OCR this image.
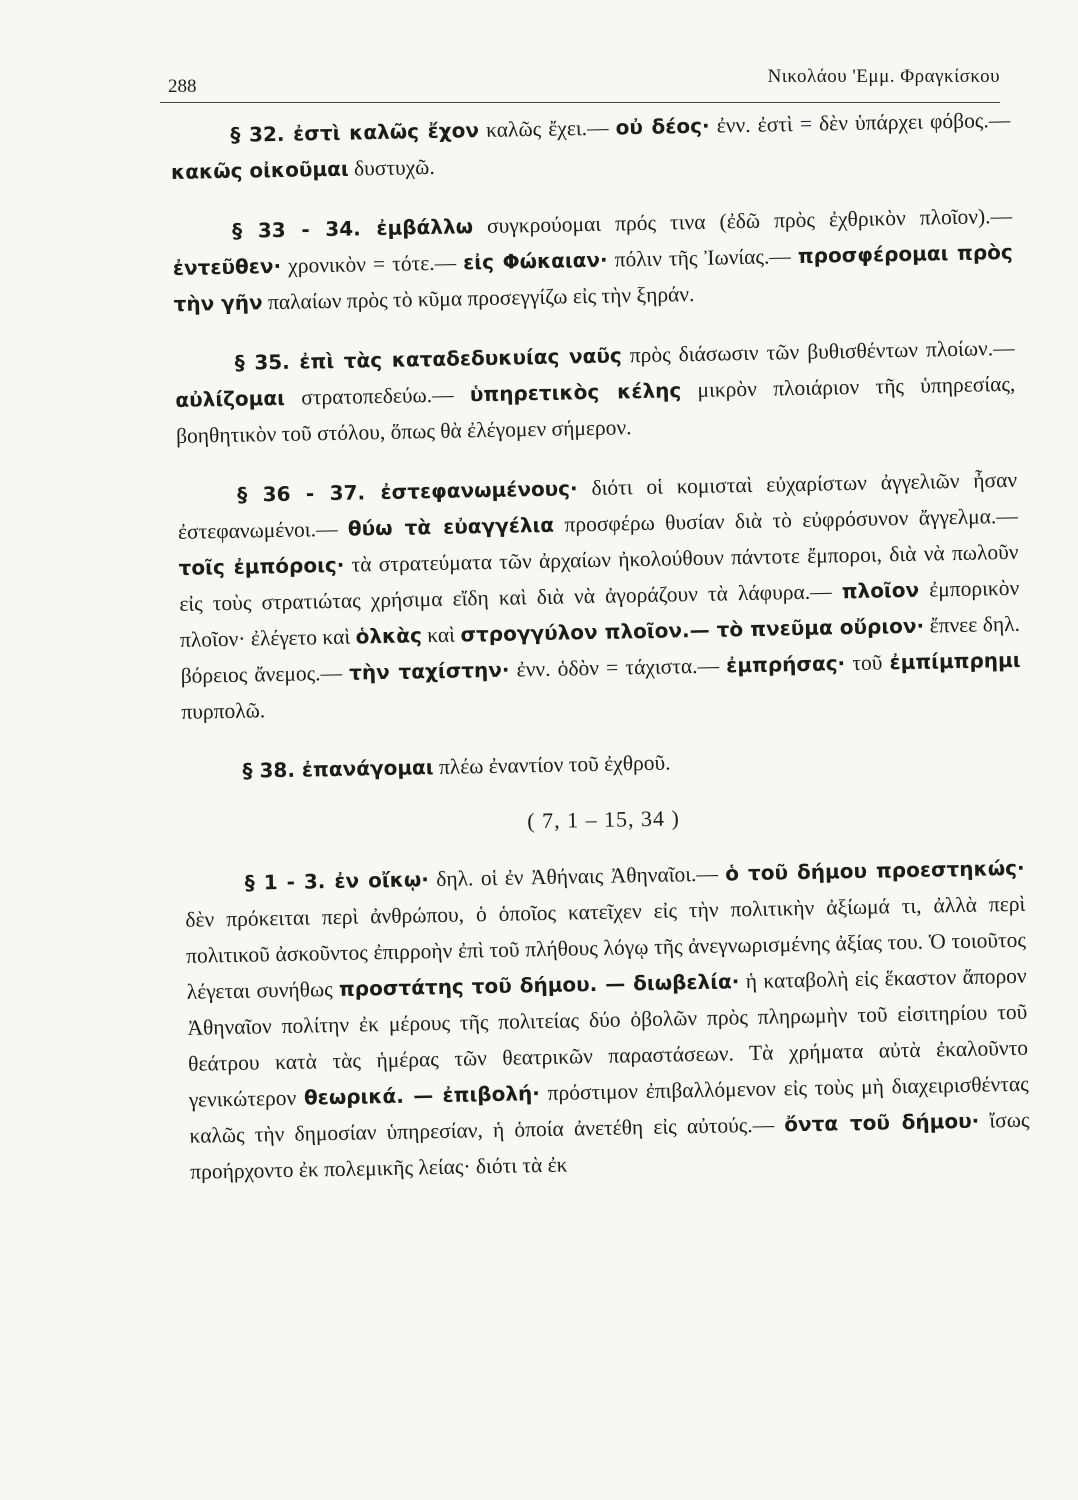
288	Νικολάου 'Εμμ. Φραγκίσκου

§ 32. ἐστὶ καλῶς ἔχον καλῶς ἔχει.— οὐ δέος· ἐνν. ἐστὶ = δὲν ὑπάρχει φόβος.— κακῶς οἰκοῦμαι δυστυχῶ.

§ 33 - 34. ἐμβάλλω συγκρούομαι πρός τινα (ἐδῶ πρὸς ἐχθρικὸν πλοῖον).— ἐντεῦθεν· χρονικὸν = τότε.— εἰς Φώκαιαν· πόλιν τῆς Ἰωνίας.— προσφέρομαι πρὸς τὴν γῆν παλαίων πρὸς τὸ κῦμα προσεγγίζω εἰς τὴν ξηράν.

§ 35. ἐπὶ τὰς καταδεδυκυίας ναῦς πρὸς διάσωσιν τῶν βυθισθέντων πλοίων.— αὐλίζομαι στρατοπεδεύω.— ὑπηρετικὸς κέλης μικρὸν πλοιάριον τῆς ὑπηρεσίας, βοηθητικὸν τοῦ στόλου, ὅπως θὰ ἐλέγομεν σήμερον.

§ 36 - 37. ἐστεφανωμένους· διότι οἱ κομισταὶ εὐχαρίστων ἀγγελιῶν ἦσαν ἐστεφανωμένοι.— θύω τὰ εὐαγγέλια προσφέρω θυσίαν διὰ τὸ εὐφρόσυνον ἄγγελμα.— τοῖς ἐμπόροις· τὰ στρατεύματα τῶν ἀρχαίων ἠκολούθουν πάντοτε ἔμποροι, διὰ νὰ πωλοῦν εἰς τοὺς στρατιώτας χρήσιμα εἴδη καὶ διὰ νὰ ἀγοράζουν τὰ λάφυρα.— πλοῖον ἐμπορικὸν πλοῖον· ἐλέγετο καὶ ὁλκὰς καὶ στρογγύλον πλοῖον.— τὸ πνεῦμα οὔριον· ἔπνεε δηλ. βόρειος ἄνεμος.— τὴν ταχίστην· ἐνν. ὁδὸν = τάχιστα.— ἐμπρήσας· τοῦ ἐμπίμπρημι πυρπολῶ.

§ 38. ἐπανάγομαι πλέω ἐναντίον τοῦ ἐχθροῦ.

( 7, 1 – 15, 34 )

§ 1 - 3. ἐν οἴκῳ· δηλ. οἱ ἐν Ἀθήναις Ἀθηναῖοι.— ὁ τοῦ δήμου προεστηκώς· δὲν πρόκειται περὶ ἀνθρώπου, ὁ ὁποῖος κατεῖχεν εἰς τὴν πολιτικὴν ἀξίωμά τι, ἀλλὰ περὶ πολιτικοῦ ἀσκοῦντος ἐπιρροὴν ἐπὶ τοῦ πλήθους λόγῳ τῆς ἀνεγνωρισμένης ἀξίας του. Ὁ τοιοῦτος λέγεται συνήθως προστάτης τοῦ δήμου. — διωβελία· ἡ καταβολὴ εἰς ἕκαστον ἄπορον Ἀθηναῖον πολίτην ἐκ μέρους τῆς πολιτείας δύο ὀβολῶν πρὸς πληρωμὴν τοῦ εἰσιτηρίου τοῦ θεάτρου κατὰ τὰς ἡμέρας τῶν θεατρικῶν παραστάσεων. Τὰ χρήματα αὐτὰ ἐκαλοῦντο γενικώτερον θεωρικά. — ἐπιβολή· πρόστιμον ἐπιβαλλόμενον εἰς τοὺς μὴ διαχειρισθέντας καλῶς τὴν δημοσίαν ὑπηρεσίαν, ἡ ὁποία ἀνετέθη εἰς αὐτούς.— ὄντα τοῦ δήμου· ἴσως προήρχοντο ἐκ πολεμικῆς λείας· διότι τὰ ἐκ
